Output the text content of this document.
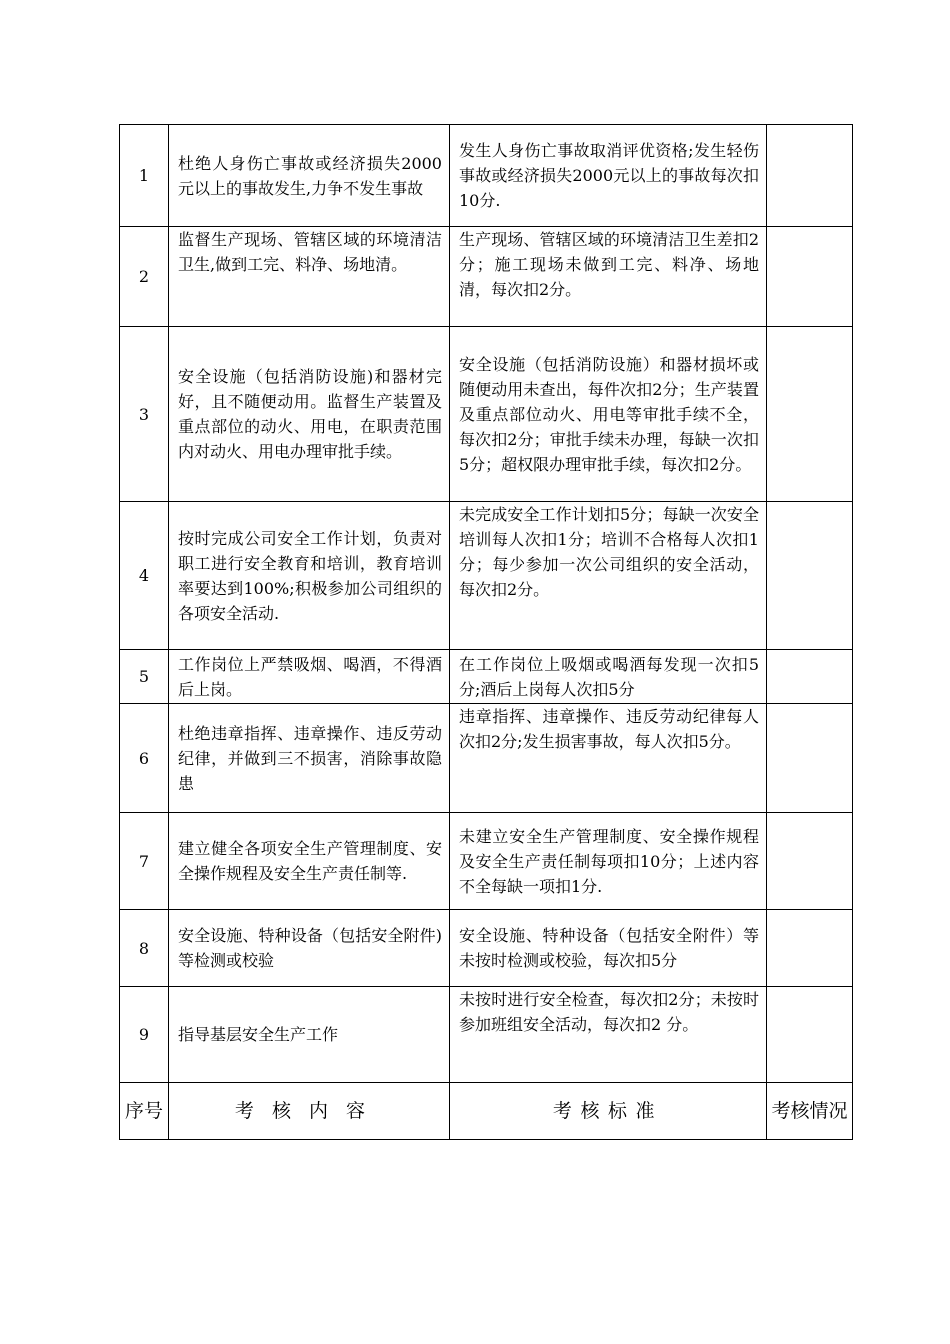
1	杜绝人身伤亡事故或经济损失2000元以上的事故发生,力争不发生事故	发生人身伤亡事故取消评优资格;发生轻伤事故或经济损失2000元以上的事故每次扣10分.	
2	监督生产现场、管辖区域的环境清洁卫生,做到工完、料净、场地清。	生产现场、管辖区域的环境清洁卫生差扣2分；施工现场未做到工完、料净、场地清，每次扣2分。	
3	安全设施（包括消防设施)和器材完好，且不随便动用。监督生产装置及重点部位的动火、用电，在职责范围内对动火、用电办理审批手续。	安全设施（包括消防设施）和器材损坏或随便动用未查出，每件次扣2分；生产装置及重点部位动火、用电等审批手续不全，每次扣2分；审批手续未办理，每缺一次扣5分；超权限办理审批手续，每次扣2分。	
4	按时完成公司安全工作计划，负责对职工进行安全教育和培训，教育培训率要达到100%;积极参加公司组织的各项安全活动.	未完成安全工作计划扣5分；每缺一次安全培训每人次扣1分；培训不合格每人次扣1分；每少参加一次公司组织的安全活动，每次扣2分。	
5	工作岗位上严禁吸烟、喝酒，不得酒后上岗。	在工作岗位上吸烟或喝酒每发现一次扣5分;酒后上岗每人次扣5分	
6	杜绝违章指挥、违章操作、违反劳动纪律，并做到三不损害，消除事故隐患	违章指挥、违章操作、违反劳动纪律每人次扣2分;发生损害事故，每人次扣5分。	
7	建立健全各项安全生产管理制度、安全操作规程及安全生产责任制等.	未建立安全生产管理制度、安全操作规程及安全生产责任制每项扣10分；上述内容不全每缺一项扣1分.	
8	安全设施、特种设备（包括安全附件)等检测或校验	安全设施、特种设备（包括安全附件）等未按时检测或校验，每次扣5分	
9	指导基层安全生产工作	未按时进行安全检查，每次扣2分；未按时参加班组安全活动，每次扣2 分。	
序号	考核内容	考核标准	考核情况
